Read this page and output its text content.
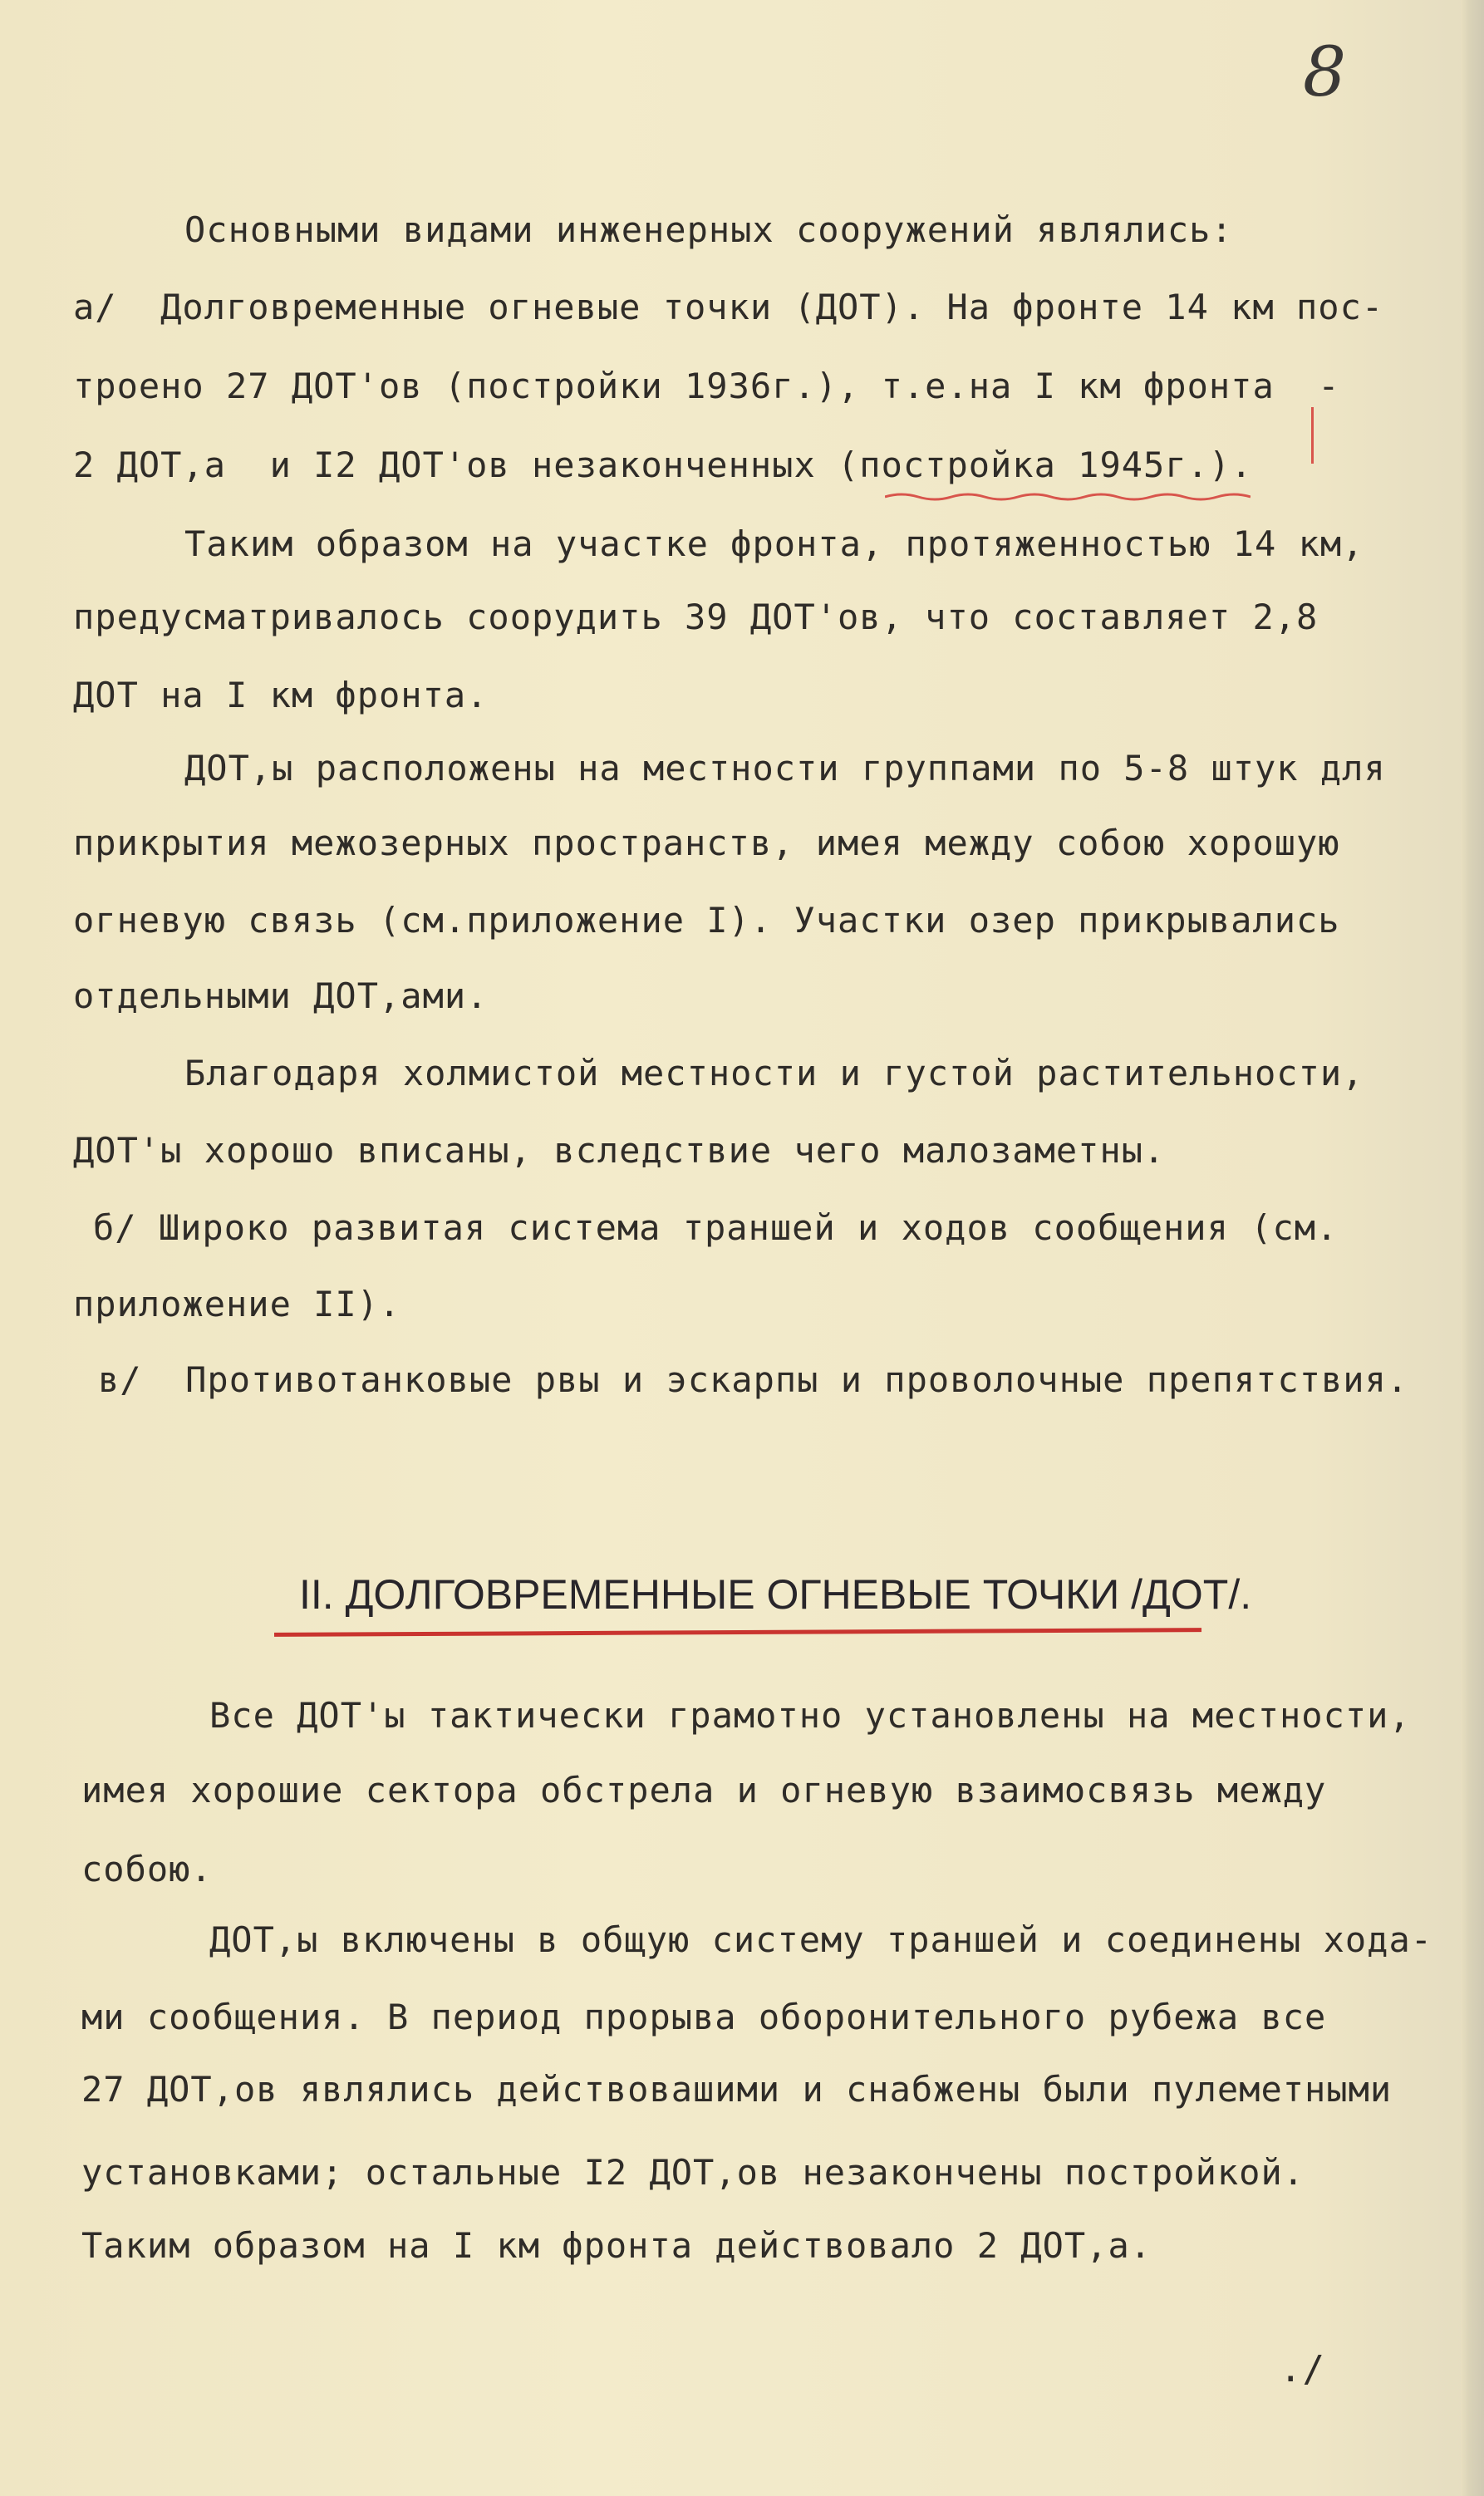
8
Основными видами инженерных сооружений являлись:
а/  Долговременные огневые точки (ДОТ). На фронте 14 км пос-
троено 27 ДОТ'ов (постройки 1936г.), т.е.на I км фронта  -
2 ДОТ,а  и I2 ДОТ'ов незаконченных (постройка 1945г.).
Таким образом на участке фронта, протяженностью 14 км,
предусматривалось соорудить 39 ДОТ'ов, что составляет 2,8
ДОТ на I км фронта.
ДОТ,ы расположены на местности группами по 5-8 штук для
прикрытия межозерных пространств, имея между собою хорошую
огневую связь (см.приложение I). Участки озер прикрывались
отдельными ДОТ,ами.
Благодаря холмистой местности и густой растительности,
ДОТ'ы хорошо вписаны, вследствие чего малозаметны.
б/ Широко развитая система траншей и ходов сообщения (см.
приложение II).
в/  Противотанковые рвы и эскарпы и проволочные препятствия.
II. ДОЛГОВРЕМЕННЫЕ ОГНЕВЫЕ ТОЧКИ /ДОТ/.
Все ДОТ'ы тактически грамотно установлены на местности,
имея хорошие сектора обстрела и огневую взаимосвязь между
собою.
ДОТ,ы включены в общую систему траншей и соединены хода-
ми сообщения. В период прорыва оборонительного рубежа все
27 ДОТ,ов являлись действовашими и снабжены были пулеметными
установками; остальные I2 ДОТ,ов незакончены постройкой.
Таким образом на I км фронта действовало 2 ДОТ,а.
./
